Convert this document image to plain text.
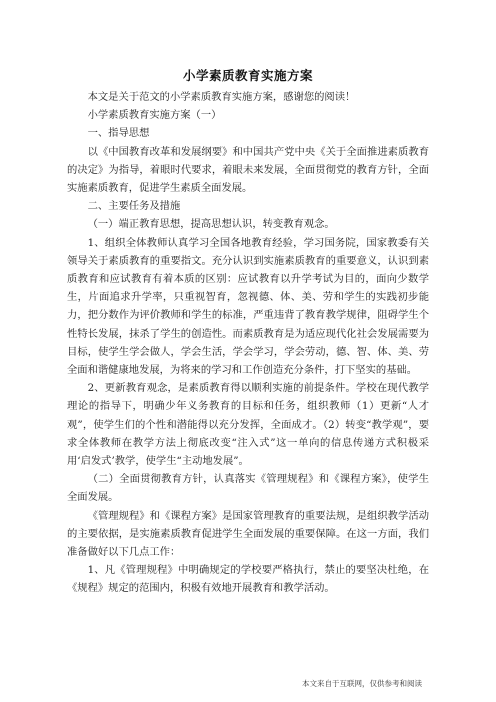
小学素质教育实施方案

本文是关于范文的小学素质教育实施方案，感谢您的阅读！

小学素质教育实施方案（一）

一、指导思想

以《中国教育改革和发展纲要》和中国共产党中央《关于全面推进素质教育的决定》为指导，着眼时代要求，着眼未来发展，全面贯彻党的教育方针，全面实施素质教育，促进学生素质全面发展。

二、主要任务及措施

（一）端正教育思想，提高思想认识，转变教育观念。

1、组织全体教师认真学习全国各地教育经验，学习国务院，国家教委有关领导关于素质教育的重要指文。充分认识到实施素质教育的重要意义，认识到素质教育和应试教育有着本质的区别：应试教育以升学考试为目的，面向少数学生，片面追求升学率，只重视智育，忽视德、体、美、劳和学生的实践初步能力，把分数作为评价教师和学生的标准，严重违背了教育教学规律，阻碍学生个性特长发展，抹杀了学生的创造性。而素质教育是为适应现代化社会发展需要为目标，使学生学会做人，学会生活，学会学习，学会劳动，德、智、体、美、劳全面和谐健康地发展，为将来的学习和工作创造充分条件，打下坚实的基础。

2、更新教育观念，是素质教育得以顺利实施的前提条件。学校在现代教学理论的指导下，明确少年义务教育的目标和任务，组织教师（1）更新“人才观”，使学生们的个性和潜能得以充分发挥，全面成才。（2）转变“教学观”，要求全体教师在教学方法上彻底改变“注入式”这一单向的信息传递方式积极采用‘启发式’教学，使学生“主动地发展”。

（二）全面贯彻教育方针，认真落实《管理规程》和《课程方案》，使学生全面发展。

《管理规程》和《课程方案》是国家管理教育的重要法规，是组织教学活动的主要依据，是实施素质教育促进学生全面发展的重要保障。在这一方面，我们准备做好以下几点工作：

1、凡《管理规程》中明确规定的学校要严格执行，禁止的要坚决杜绝，在《规程》规定的范围内，积极有效地开展教育和教学活动。

本文来自于互联网，仅供参考和阅读
